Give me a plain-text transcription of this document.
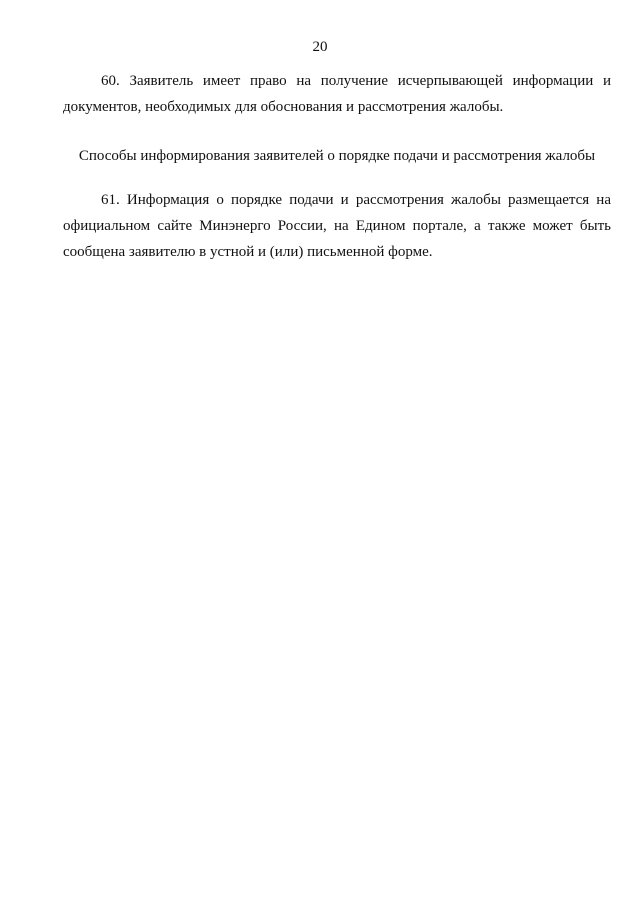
20
60. Заявитель имеет право на получение исчерпывающей информации и
документов, необходимых для обоснования и рассмотрения жалобы.
Способы информирования заявителей о порядке подачи и рассмотрения жалобы
61. Информация о порядке подачи и рассмотрения жалобы размещается на
официальном сайте Минэнерго России, на Едином портале, а также может быть
сообщена заявителю в устной и (или) письменной форме.
